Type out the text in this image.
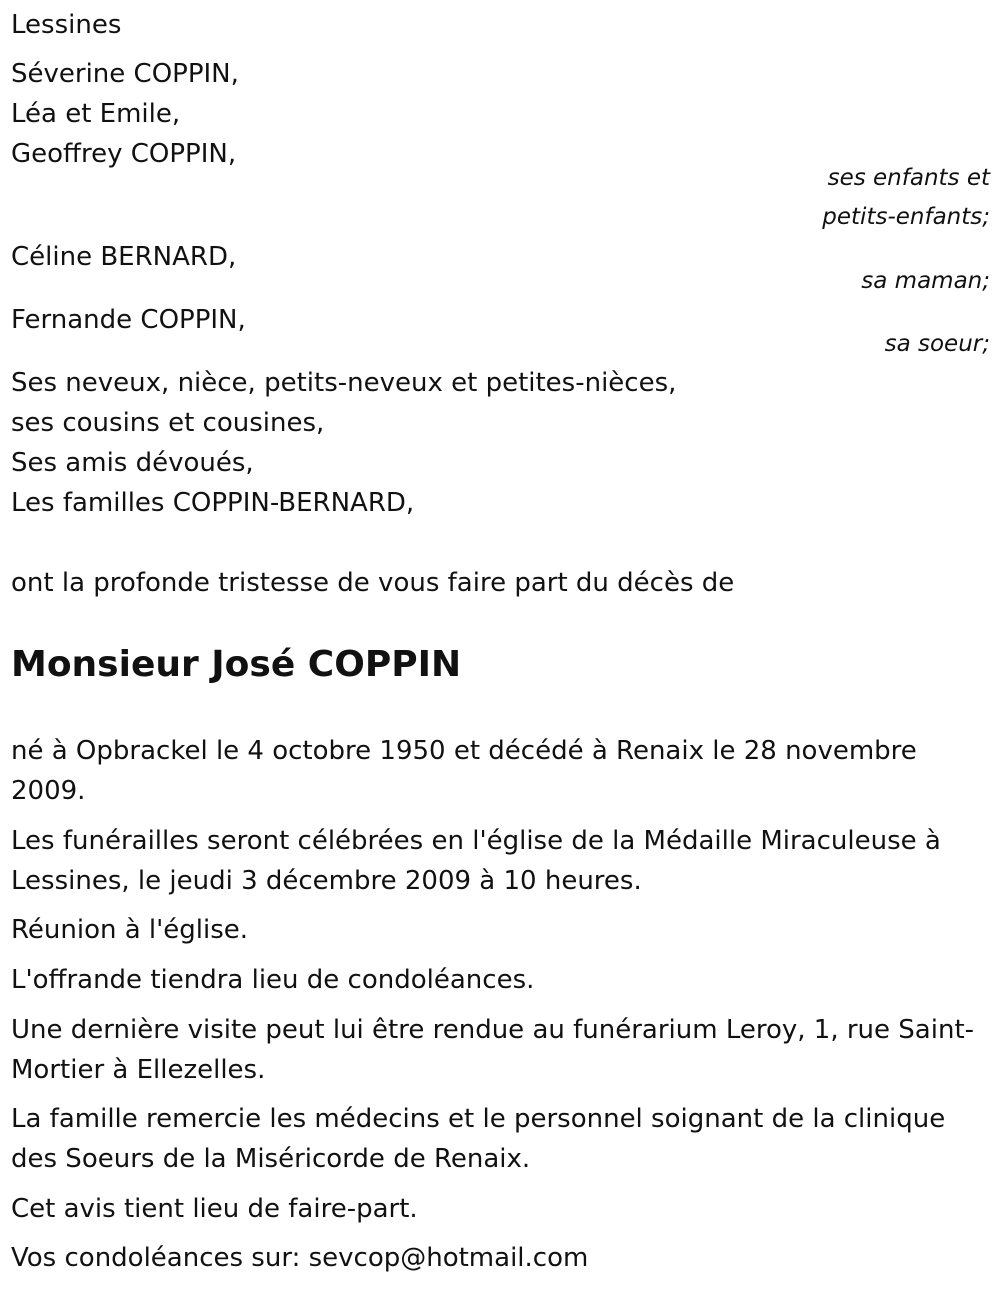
Lessines
Séverine COPPIN,
Léa et Emile,
Geoffrey COPPIN,
ses enfants et
petits-enfants;
Céline BERNARD,
sa maman;
Fernande COPPIN,
sa soeur;
Ses neveux, nièce, petits-neveux et petites-nièces,
ses cousins et cousines,
Ses amis dévoués,
Les familles COPPIN-BERNARD,
ont la profonde tristesse de vous faire part du décès de
Monsieur José COPPIN
né à Opbrackel le 4 octobre 1950 et décédé à Renaix le 28 novembre 2009.
Les funérailles seront célébrées en l'église de la Médaille Miraculeuse à Lessines, le jeudi 3 décembre 2009 à 10 heures.
Réunion à l'église.
L'offrande tiendra lieu de condoléances.
Une dernière visite peut lui être rendue au funérarium Leroy, 1, rue Saint-Mortier à Ellezelles.
La famille remercie les médecins et le personnel soignant de la clinique des Soeurs de la Miséricorde de Renaix.
Cet avis tient lieu de faire-part.
Vos condoléances sur: sevcop@hotmail.com
